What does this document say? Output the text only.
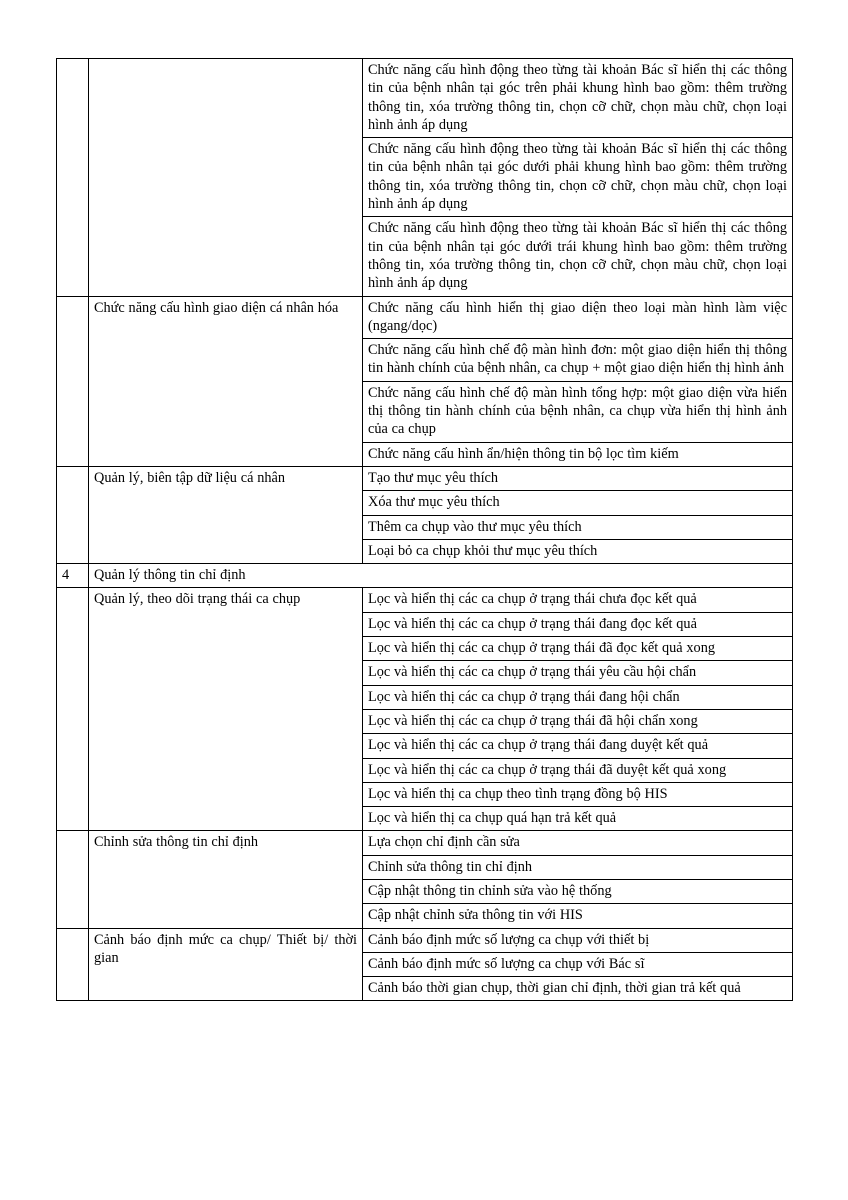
		Chức năng cấu hình động theo từng tài khoản Bác sĩ hiển thị các thông tin của bệnh nhân tại góc trên phải khung hình bao gồm: thêm trường thông tin, xóa trường thông tin, chọn cỡ chữ, chọn màu chữ, chọn loại hình ảnh áp dụng
		Chức năng cấu hình động theo từng tài khoản Bác sĩ hiển thị các thông tin của bệnh nhân tại góc dưới phải khung hình bao gồm: thêm trường thông tin, xóa trường thông tin, chọn cỡ chữ, chọn màu chữ, chọn loại hình ảnh áp dụng
		Chức năng cấu hình động theo từng tài khoản Bác sĩ hiển thị các thông tin của bệnh nhân tại góc dưới trái khung hình bao gồm: thêm trường thông tin, xóa trường thông tin, chọn cỡ chữ, chọn màu chữ, chọn loại hình ảnh áp dụng
	Chức năng cấu hình giao diện cá nhân hóa	Chức năng cấu hình hiển thị giao diện theo loại màn hình làm việc (ngang/dọc)
		Chức năng cấu hình chế độ màn hình đơn: một giao diện hiển thị thông tin hành chính của bệnh nhân, ca chụp + một giao diện hiển thị hình ảnh
		Chức năng cấu hình chế độ màn hình tổng hợp: một giao diện vừa hiển thị thông tin hành chính của bệnh nhân, ca chụp vừa hiển thị hình ảnh của ca chụp
		Chức năng cấu hình ẩn/hiện thông tin bộ lọc tìm kiếm
	Quản lý, biên tập dữ liệu cá nhân	Tạo thư mục yêu thích
		Xóa thư mục yêu thích
		Thêm ca chụp vào thư mục yêu thích
		Loại bỏ ca chụp khỏi thư mục yêu thích
4	Quản lý thông tin chỉ định	
	Quản lý, theo dõi trạng thái ca chụp	Lọc và hiển thị các ca chụp ở trạng thái chưa đọc kết quả
		Lọc và hiển thị các ca chụp ở trạng thái đang đọc kết quả
		Lọc và hiển thị các ca chụp ở trạng thái đã đọc kết quả xong
		Lọc và hiển thị các ca chụp ở trạng thái yêu cầu hội chẩn
		Lọc và hiển thị các ca chụp ở trạng thái đang hội chẩn
		Lọc và hiển thị các ca chụp ở trạng thái đã hội chẩn xong
		Lọc và hiển thị các ca chụp ở trạng thái đang duyệt kết quả
		Lọc và hiển thị các ca chụp ở trạng thái đã duyệt kết quả xong
		Lọc và hiển thị ca chụp theo tình trạng đồng bộ HIS
		Lọc và hiển thị ca chụp quá hạn trả kết quả
	Chỉnh sửa thông tin chỉ định	Lựa chọn chỉ định cần sửa
		Chỉnh sửa thông tin chỉ định
		Cập nhật thông tin chỉnh sửa vào hệ thống
		Cập nhật chỉnh sửa thông tin với HIS
	Cảnh báo định mức ca chụp/ Thiết bị/ thời gian	Cảnh báo định mức số lượng ca chụp với thiết bị
		Cảnh báo định mức số lượng ca chụp với Bác sĩ
		Cảnh báo thời gian chụp, thời gian chỉ định, thời gian trả kết quả
